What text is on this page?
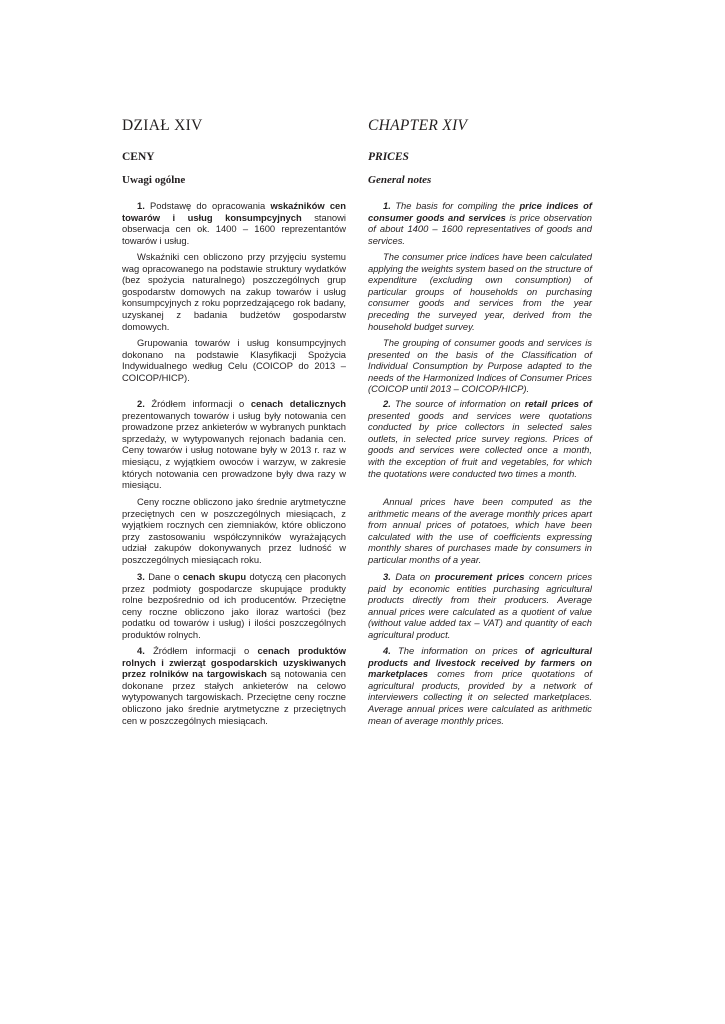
DZIAŁ XIV
CENY
Uwagi ogólne

1. Podstawę do opracowania wskaźników cen towarów i usług konsumpcyjnych stanowi obserwacja cen ok. 1400 – 1600 reprezentantów towarów i usług.

Wskaźniki cen obliczono przy przyjęciu systemu wag opracowanego na podstawie struktury wydatków (bez spożycia naturalnego) poszczególnych grup gospodarstw domowych na zakup towarów i usług konsumpcyjnych z roku poprzedzającego rok badany, uzyskanej z badania budżetów gospodarstw domowych.

Grupowania towarów i usług konsumpcyjnych dokonano na podstawie Klasyfikacji Spożycia Indywidualnego według Celu (COICOP do 2013 – COICOP/HICP).

2. Źródłem informacji o cenach detalicznych prezentowanych towarów i usług były notowania cen prowadzone przez ankieterów w wybranych punktach sprzedaży, w wytypowanych rejonach badania cen. Ceny towarów i usług notowane były w 2013 r. raz w miesiącu, z wyjątkiem owoców i warzyw, w zakresie których notowania cen prowadzone były dwa razy w miesiącu.

Ceny roczne obliczono jako średnie arytmetyczne przeciętnych cen w poszczególnych miesiącach, z wyjątkiem rocznych cen ziemniaków, które obliczono przy zastosowaniu współczynników wyrażających udział zakupów dokonywanych przez ludność w poszczególnych miesiącach roku.

3. Dane o cenach skupu dotyczą cen płaconych przez podmioty gospodarcze skupujące produkty rolne bezpośrednio od ich producentów. Przeciętne ceny roczne obliczono jako iloraz wartości (bez podatku od towarów i usług) i ilości poszczególnych produktów rolnych.

4. Źródłem informacji o cenach produktów rolnych i zwierząt gospodarskich uzyskiwanych przez rolników na targowiskach są notowania cen dokonane przez stałych ankieterów na celowo wytypowanych targowiskach. Przeciętne ceny roczne obliczono jako średnie arytmetyczne z przeciętnych cen w poszczególnych miesiącach.

CHAPTER XIV
PRICES
General notes

1. The basis for compiling the price indices of consumer goods and services is price observation of about 1400 – 1600 representatives of goods and services.

The consumer price indices have been calculated applying the weights system based on the structure of expenditure (excluding own consumption) of particular groups of households on purchasing consumer goods and services from the year preceding the surveyed year, derived from the household budget survey.

The grouping of consumer goods and services is presented on the basis of the Classification of Individual Consumption by Purpose adapted to the needs of the Harmonized Indices of Consumer Prices (COICOP until 2013 – COICOP/HICP).

2. The source of information on retail prices of presented goods and services were quotations conducted by price collectors in selected sales outlets, in selected price survey regions. Prices of goods and services were collected once a month, with the exception of fruit and vegetables, for which the quotations were conducted two times a month.

Annual prices have been computed as the arithmetic means of the average monthly prices apart from annual prices of potatoes, which have been calculated with the use of coefficients expressing monthly shares of purchases made by consumers in particular months of a year.

3. Data on procurement prices concern prices paid by economic entities purchasing agricultural products directly from their producers. Average annual prices were calculated as a quotient of value (without value added tax – VAT) and quantity of each agricultural product.

4. The information on prices of agricultural products and livestock received by farmers on marketplaces comes from price quotations of agricultural products, provided by a network of interviewers collecting it on selected marketplaces. Average annual prices were calculated as arithmetic mean of average monthly prices.
